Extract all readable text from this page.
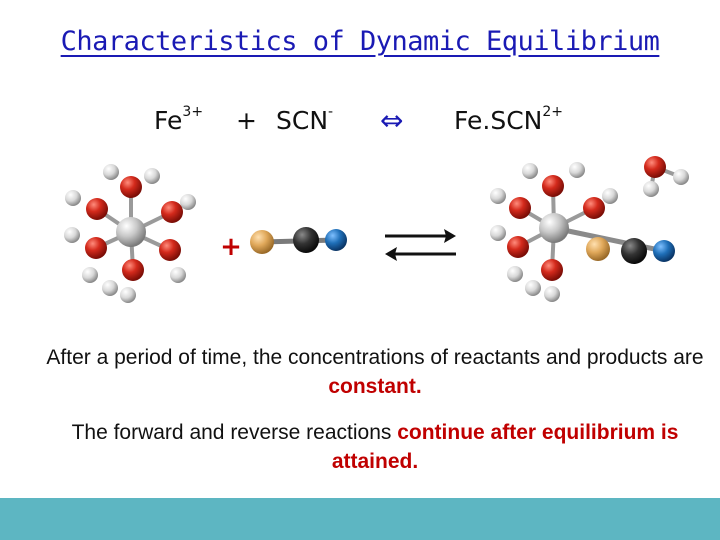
Characteristics of Dynamic Equilibrium
$Fe^{3+} + SCN^-$ ⇔ $Fe.SCN^{2+}$
+
After a period of time, the concentrations of reactants and products are constant.
The forward and reverse reactions continue after equilibrium is attained.
